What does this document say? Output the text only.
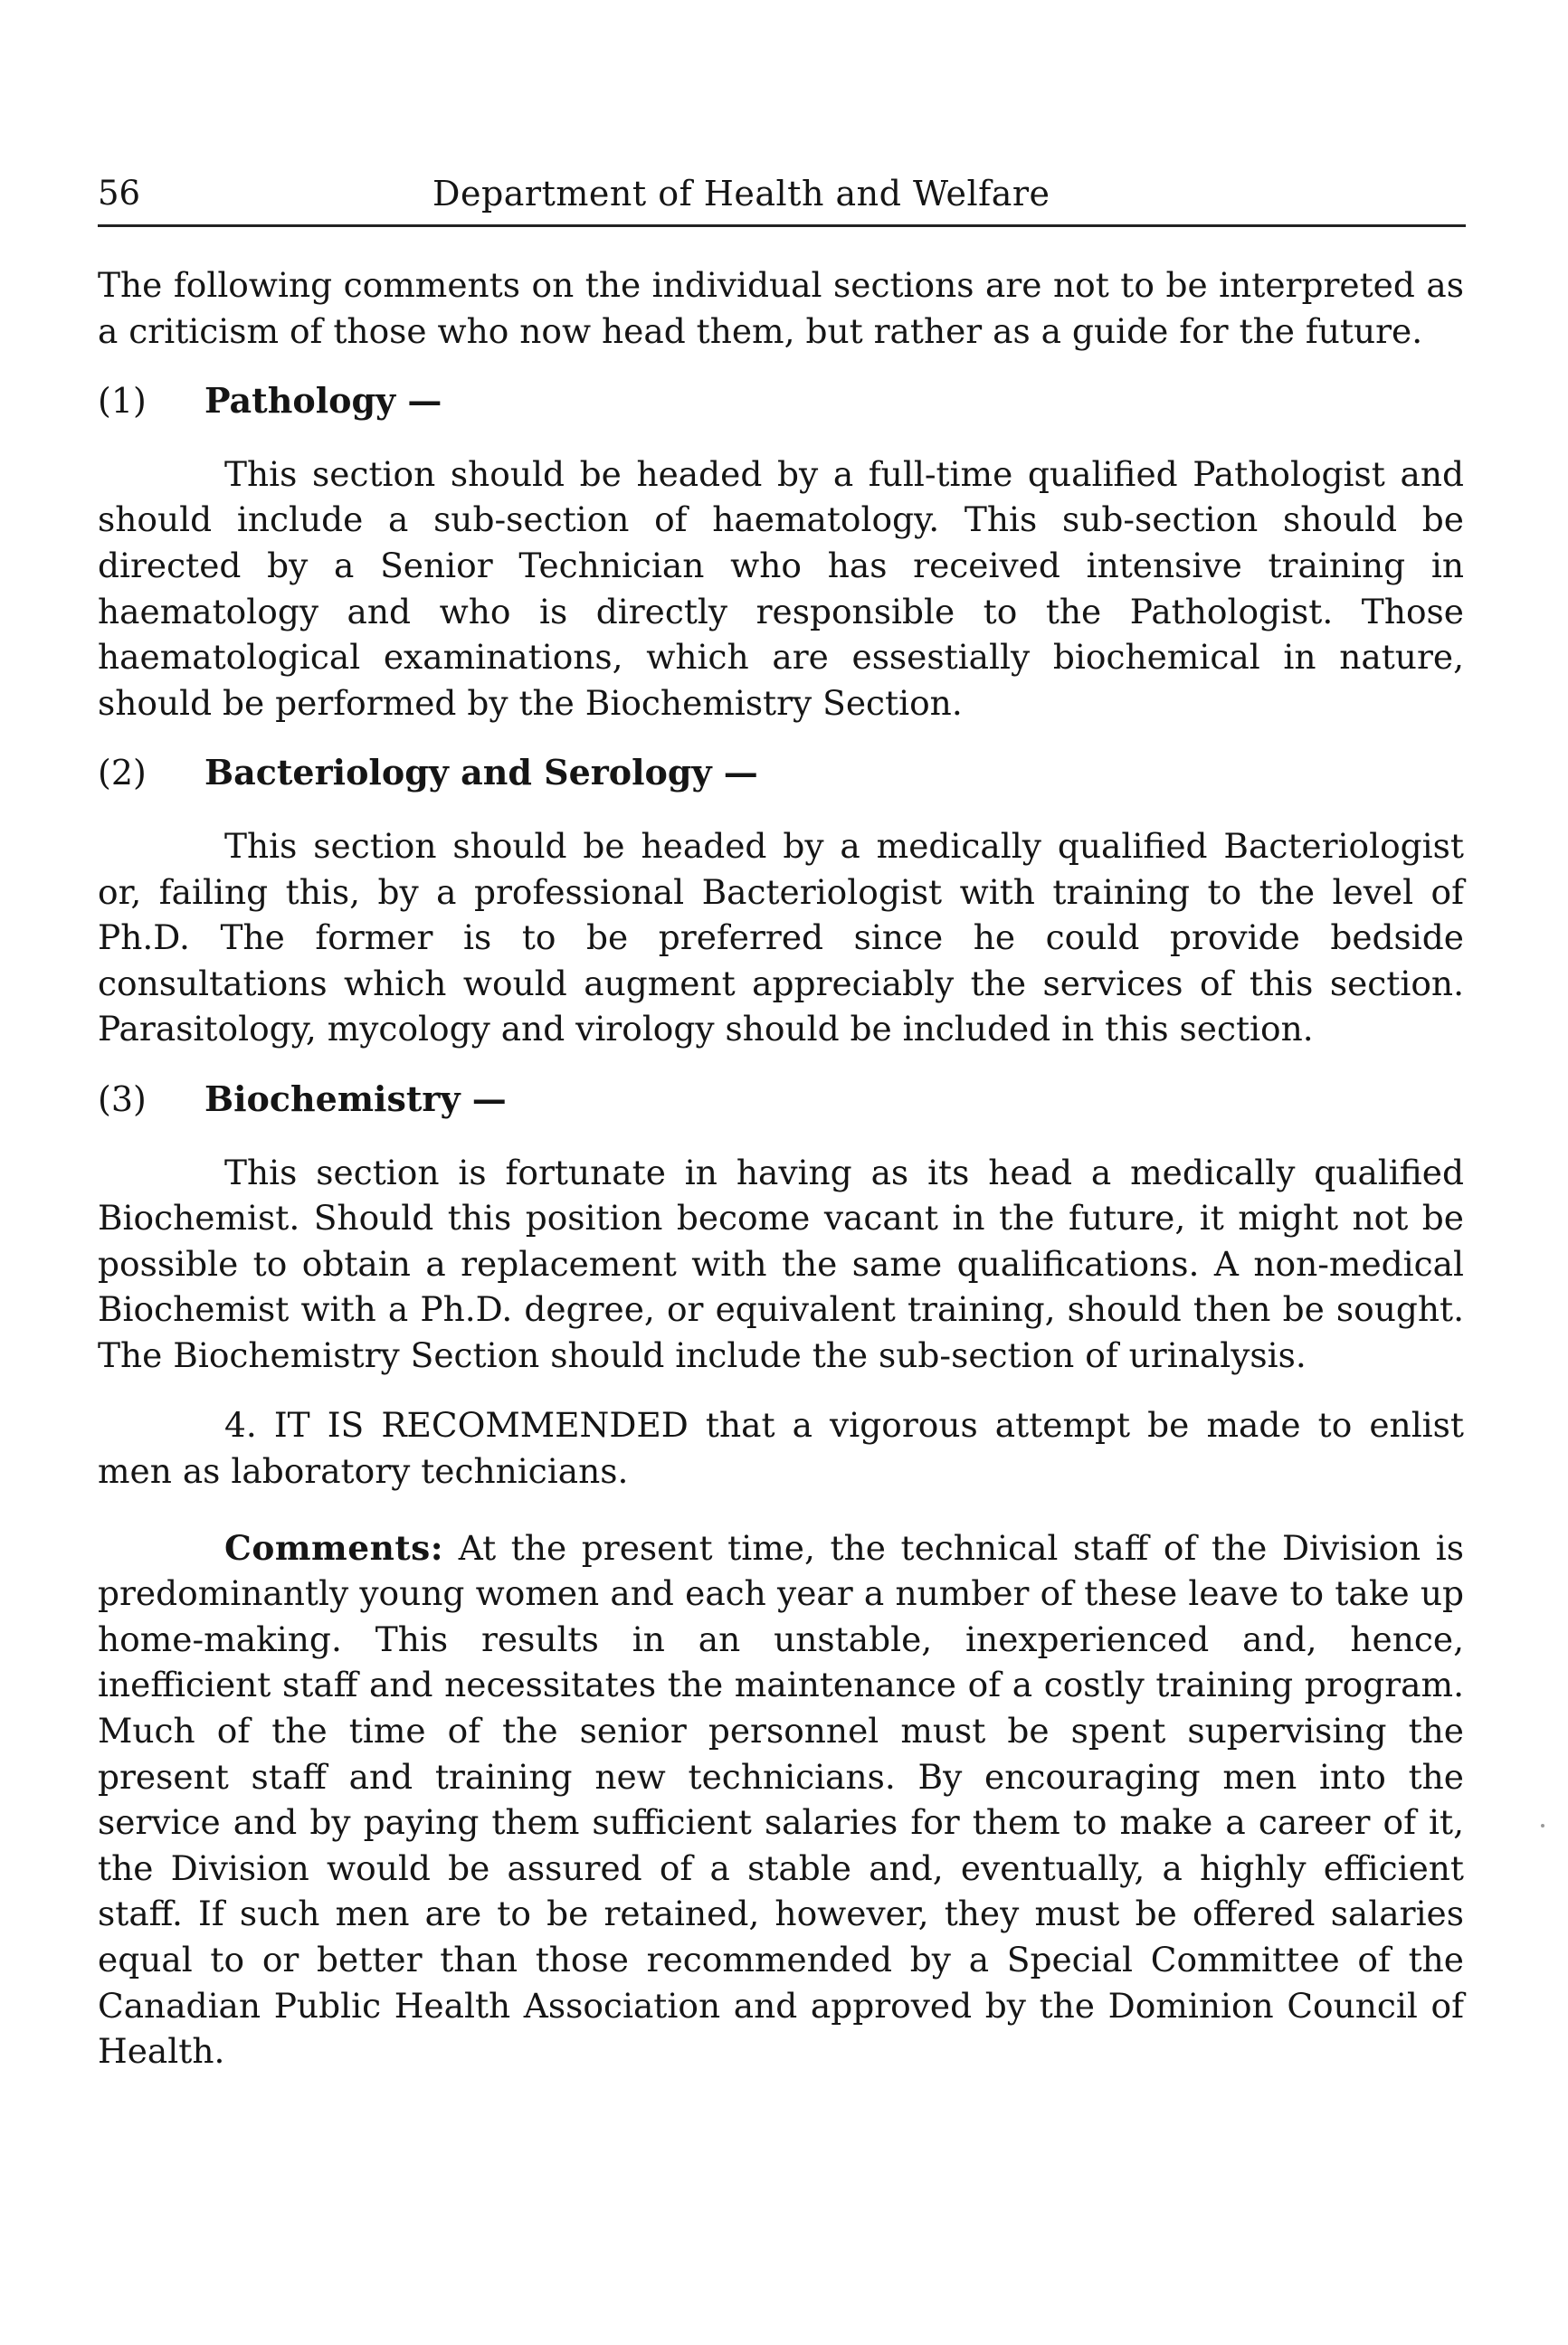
56	Department of Health and Welfare

The following comments on the individual sections are not to be interpreted as a criticism of those who now head them, but rather as a guide for the future.

(1) Pathology —

This section should be headed by a full-time qualified Pathologist and should include a sub-section of haematology. This sub-section should be directed by a Senior Technician who has received intensive training in haematology and who is directly responsible to the Pathologist. Those haematological examinations, which are essestially biochemical in nature, should be performed by the Biochemistry Section.

(2) Bacteriology and Serology —

This section should be headed by a medically qualified Bacteriologist or, failing this, by a professional Bacteriologist with training to the level of Ph.D. The former is to be preferred since he could provide bedside consultations which would augment appreciably the services of this section. Parasitology, mycology and virology should be included in this section.

(3) Biochemistry —

This section is fortunate in having as its head a medically qualified Biochemist. Should this position become vacant in the future, it might not be possible to obtain a replacement with the same qualifications. A non-medical Biochemist with a Ph.D. degree, or equivalent training, should then be sought. The Biochemistry Section should include the sub-section of urinalysis.

4. IT IS RECOMMENDED that a vigorous attempt be made to enlist men as laboratory technicians.

Comments: At the present time, the technical staff of the Division is predominantly young women and each year a number of these leave to take up home-making. This results in an unstable, inexperienced and, hence, inefficient staff and necessitates the maintenance of a costly training program. Much of the time of the senior personnel must be spent supervising the present staff and training new technicians. By encouraging men into the service and by paying them sufficient salaries for them to make a career of it, the Division would be assured of a stable and, eventually, a highly efficient staff. If such men are to be retained, however, they must be offered salaries equal to or better than those recommended by a Special Committee of the Canadian Public Health Association and approved by the Dominion Council of Health.
